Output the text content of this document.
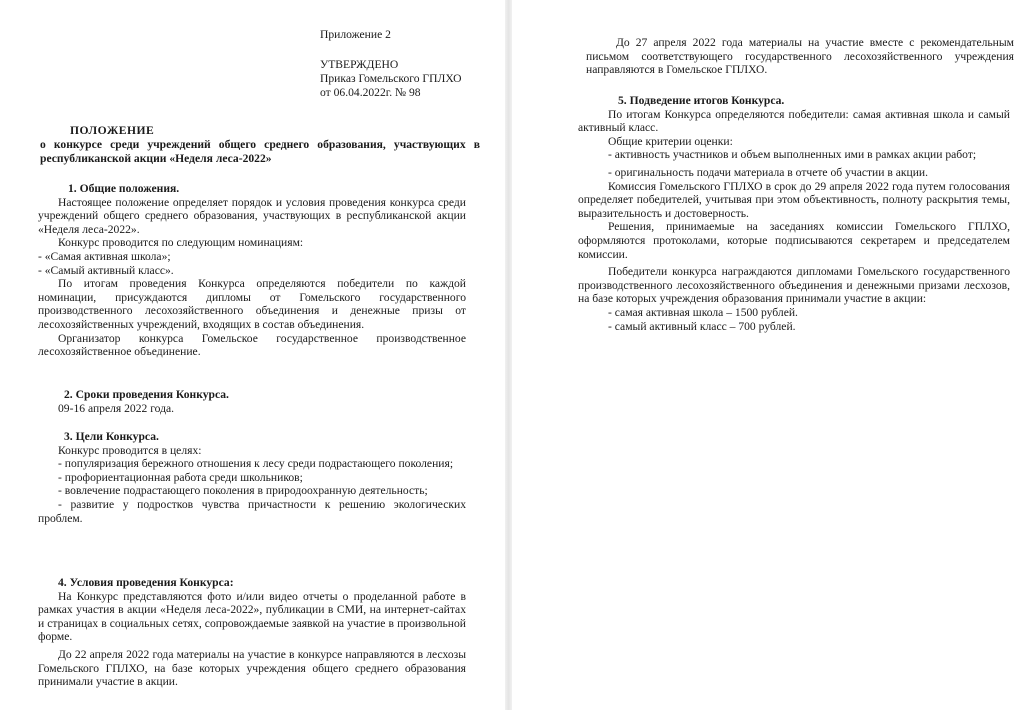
Приложение 2
УТВЕРЖДЕНО
Приказ Гомельского ГПЛХО
от 06.04.2022г. № 98
ПОЛОЖЕНИЕ

о конкурсе среди учреждений общего среднего образования, участвующих в республиканской акции «Неделя леса-2022»

1. Общие положения.

Настоящее положение определяет порядок и условия проведения конкурса среди учреждений общего среднего образования, участвующих в республиканской акции «Неделя леса-2022».

Конкурс проводится по следующим номинациям:

- «Самая активная школа»;

- «Самый активный класс».

По итогам проведения Конкурса определяются победители по каждой номинации, присуждаются дипломы от Гомельского государственного производственного лесохозяйственного объединения и денежные призы от лесохозяйственных учреждений, входящих в состав объединения.

Организатор конкурса Гомельское государственное производственное лесохозяйственное объединение.

2. Сроки проведения Конкурса.

09-16 апреля 2022 года.

3. Цели Конкурса.

Конкурс проводится в целях:

- популяризация бережного отношения к лесу среди подрастающего поколения;

- профориентационная работа среди школьников;

- вовлечение подрастающего поколения в природоохранную деятельность;

- развитие у подростков чувства причастности к решению экологических проблем.

4. Условия проведения Конкурса:

На Конкурс представляются фото и/или видео отчеты о проделанной работе в рамках участия в акции «Неделя леса-2022», публикации в СМИ, на интернет-сайтах и страницах в социальных сетях, сопровождаемые заявкой на участие в произвольной форме.

До 22 апреля 2022 года материалы на участие в конкурсе направляются в лесхозы Гомельского ГПЛХО, на базе которых учреждения общего среднего образования принимали участие в акции.

До 27 апреля 2022 года материалы на участие вместе с рекомендательным письмом соответствующего государственного лесохозяйственного учреждения направляются в Гомельское ГПЛХО.

5. Подведение итогов Конкурса.

По итогам Конкурса определяются победители: самая активная школа и самый активный класс.

Общие критерии оценки:

- активность участников и объем выполненных ими в рамках акции работ;

- оригинальность подачи материала в отчете об участии в акции.

Комиссия Гомельского ГПЛХО в срок до 29 апреля 2022 года путем голосования определяет победителей, учитывая при этом объективность, полноту раскрытия темы, выразительность и достоверность.

Решения, принимаемые на заседаниях комиссии Гомельского ГПЛХО, оформляются протоколами, которые подписываются секретарем и председателем комиссии.

Победители конкурса награждаются дипломами Гомельского государственного производственного лесохозяйственного объединения и денежными призами лесхозов, на базе которых учреждения образования принимали участие в акции:

- самая активная школа – 1500 рублей.

- самый активный класс – 700 рублей.
